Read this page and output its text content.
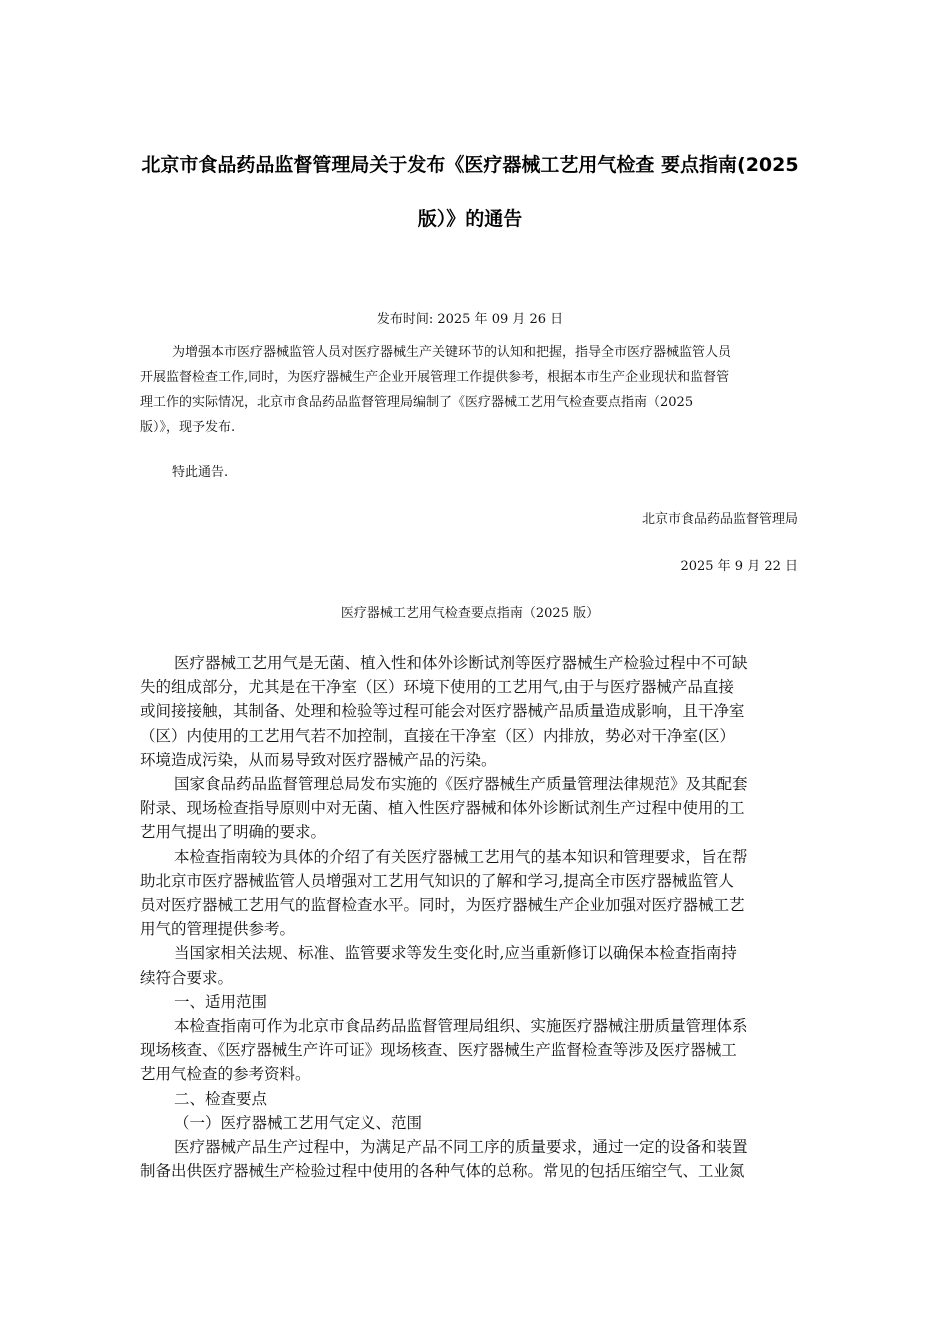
北京市食品药品监督管理局关于发布《医疗器械工艺用气检查 要点指南(2025
版）》的通告
发布时间: 2025 年 09 月 26 日
为增强本市医疗器械监管人员对医疗器械生产关键环节的认知和把握，指导全市医疗器械监管人员
开展监督检查工作,同时，为医疗器械生产企业开展管理工作提供参考，根据本市生产企业现状和监督管
理工作的实际情况，北京市食品药品监督管理局编制了《医疗器械工艺用气检查要点指南（2025
版）》，现予发布.
特此通告.
北京市食品药品监督管理局
2025 年 9 月 22 日
医疗器械工艺用气检查要点指南（2025 版）
医疗器械工艺用气是无菌、植入性和体外诊断试剂等医疗器械生产检验过程中不可缺
失的组成部分，尤其是在干净室（区）环境下使用的工艺用气,由于与医疗器械产品直接
或间接接触，其制备、处理和检验等过程可能会对医疗器械产品质量造成影响，且干净室
（区）内使用的工艺用气若不加控制，直接在干净室（区）内排放，势必对干净室(区）
环境造成污染，从而易导致对医疗器械产品的污染。
国家食品药品监督管理总局发布实施的《医疗器械生产质量管理法律规范》及其配套
附录、现场检查指导原则中对无菌、植入性医疗器械和体外诊断试剂生产过程中使用的工
艺用气提出了明确的要求。
本检查指南较为具体的介绍了有关医疗器械工艺用气的基本知识和管理要求，旨在帮
助北京市医疗器械监管人员增强对工艺用气知识的了解和学习,提高全市医疗器械监管人
员对医疗器械工艺用气的监督检查水平。同时，为医疗器械生产企业加强对医疗器械工艺
用气的管理提供参考。
当国家相关法规、标准、监管要求等发生变化时,应当重新修订以确保本检查指南持
续符合要求。
一、适用范围
本检查指南可作为北京市食品药品监督管理局组织、实施医疗器械注册质量管理体系
现场核查、《医疗器械生产许可证》现场核查、医疗器械生产监督检查等涉及医疗器械工
艺用气检查的参考资料。
二、检查要点
（一）医疗器械工艺用气定义、范围
医疗器械产品生产过程中，为满足产品不同工序的质量要求，通过一定的设备和装置
制备出供医疗器械生产检验过程中使用的各种气体的总称。常见的包括压缩空气、工业氮
